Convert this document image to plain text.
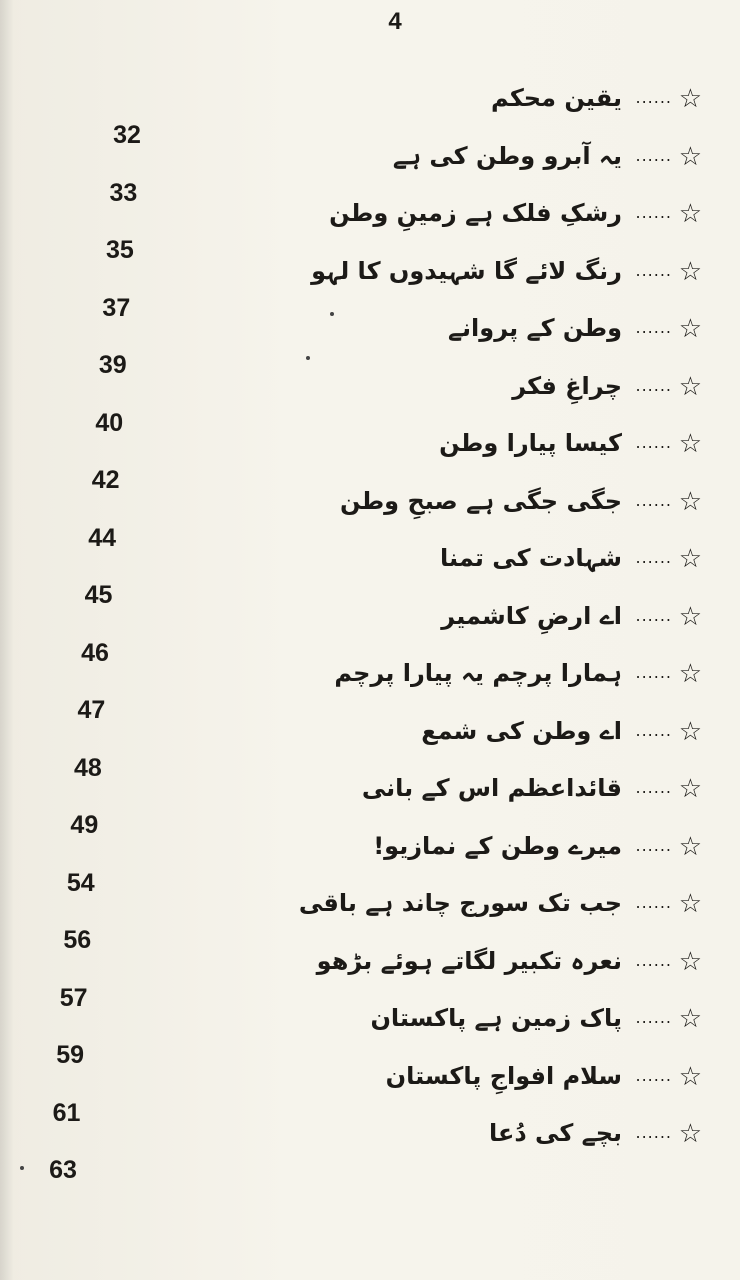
4
☆
......
یقین محکم
32
☆
......
یہ آبرو وطن کی ہے
33
☆
......
رشکِ فلک ہے زمینِ وطن
35
☆
......
رنگ لائے گا شہیدوں کا لہو
37
☆
......
وطن کے پروانے
39
☆
......
چراغِ فکر
40
☆
......
کیسا پیارا وطن
42
☆
......
جگی جگی ہے صبحِ وطن
44
☆
......
شہادت کی تمنا
45
☆
......
اے ارضِ کاشمیر
46
☆
......
ہمارا پرچم یہ پیارا پرچم
47
☆
......
اے وطن کی شمع
48
☆
......
قائداعظم اس کے بانی
49
☆
......
میرے وطن کے نمازیو!
54
☆
......
جب تک سورج چاند ہے باقی
56
☆
......
نعرہ تکبیر لگاتے ہوئے بڑھو
57
☆
......
پاک زمین ہے پاکستان
59
☆
......
سلام افواجِ پاکستان
61
☆
......
بچے کی دُعا
63
